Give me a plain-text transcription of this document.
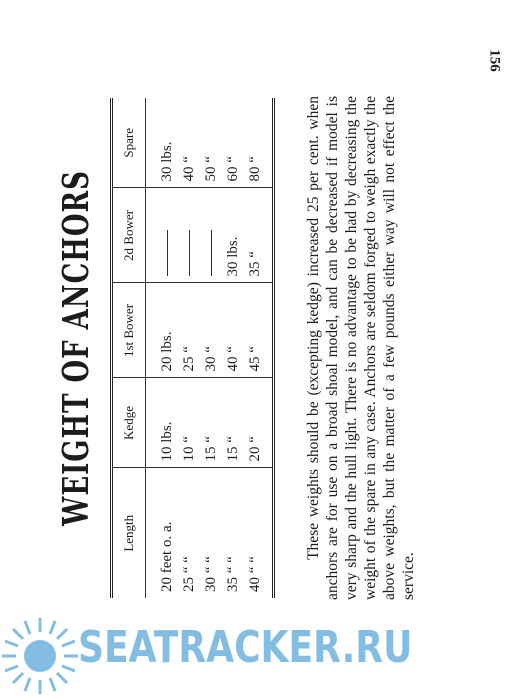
156
WEIGHT OF ANCHORS
Length	Kedge	1st Bower	2d Bower	Spare
20 feet o. a.	10 lbs.	20 lbs.		30 lbs.
25 “ “	10 “	25 “		40 “
30 “ “	15 “	30 “		50 “
35 “ “	15 “	40 “	30 lbs.	60 “
40 “ “	20 “	45 “	35 “	80 “	These weights should be (excepting kedge) increased 25 per cent. when anchors are for use on a broad shoal model, and can be decreased if model is very sharp and the hull light. There is no advantage to be had by decreasing the weight of the spare in any case. Anchors are seldom forged to weigh exactly the above weights, but the matter of a few pounds either way will not effect the service.

SEATRACKER.RU
